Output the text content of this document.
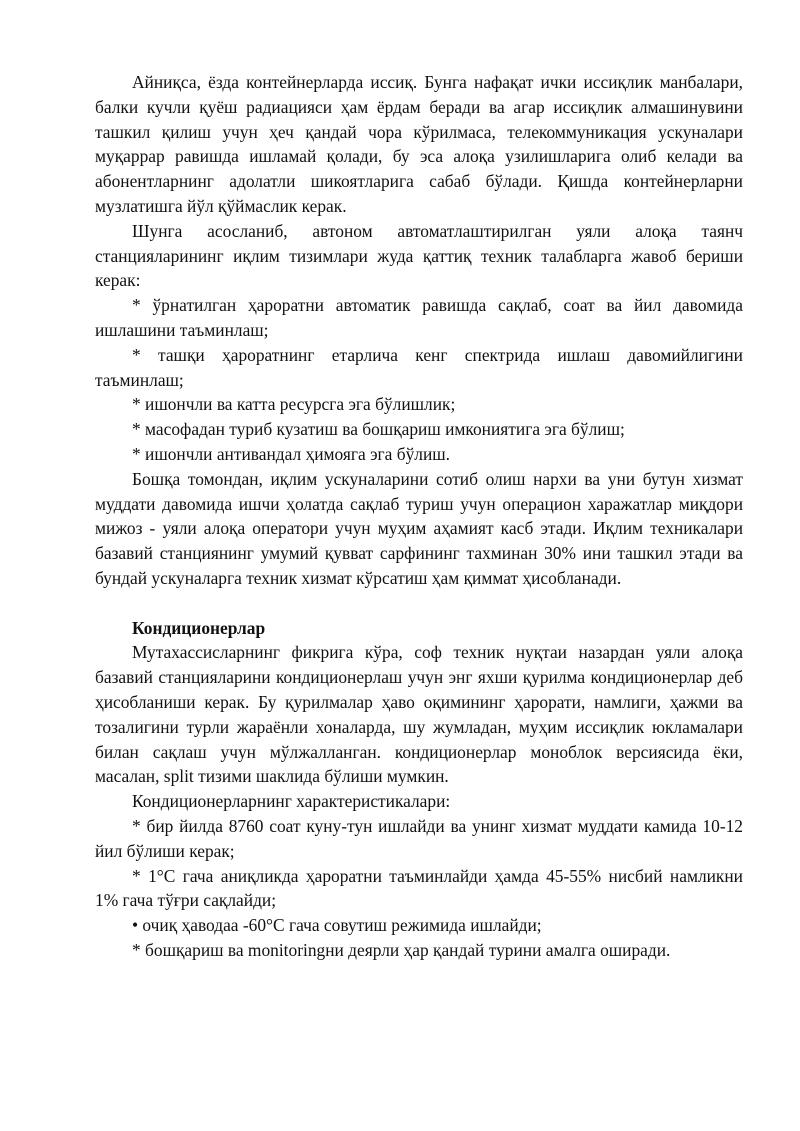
Айниқса, ёзда контейнерларда иссиқ. Бунга нафақат ички иссиқлик манбалари, балки кучли қуёш радиацияси ҳам ёрдам беради ва агар иссиқлик алмашинувини ташкил қилиш учун ҳеч қандай чора кўрилмаса, телекоммуникация ускуналари муқаррар равишда ишламай қолади, бу эса алоқа узилишларига олиб келади ва абонентларнинг адолатли шикоятларига сабаб бўлади. Қишда контейнерларни музлатишга йўл қўймаслик керак.

Шунга асосланиб, автоном автоматлаштирилган уяли алоқа таянч станцияларининг иқлим тизимлари жуда қаттиқ техник талабларга жавоб бериши керак:

* ўрнатилган ҳароратни автоматик равишда сақлаб, соат ва йил давомида ишлашини таъминлаш;

* ташқи ҳароратнинг етарлича кенг спектрида ишлаш давомийлигини таъминлаш;

* ишончли ва катта ресурсга эга бўлишлик;

* масофадан туриб кузатиш ва бошқариш имкониятига эга бўлиш;

* ишончли антивандал ҳимояга эга бўлиш.

Бошқа томондан, иқлим ускуналарини сотиб олиш нархи ва уни бутун хизмат муддати давомида ишчи ҳолатда сақлаб туриш учун операцион харажатлар миқдори мижоз - уяли алоқа оператори учун муҳим аҳамият касб этади. Иқлим техникалари базавий станциянинг умумий қувват сарфининг тахминан 30% ини ташкил этади ва бундай ускуналарга техник хизмат кўрсатиш ҳам қиммат ҳисобланади.

Кондиционерлар

Мутахассисларнинг фикрига кўра, соф техник нуқтаи назардан уяли алоқа базавий станцияларини кондиционерлаш учун энг яхши қурилма кондиционерлар деб ҳисобланиши керак. Бу қурилмалар ҳаво оқимининг ҳарорати, намлиги, ҳажми ва тозалигини турли жараёнли хоналарда, шу жумладан, муҳим иссиқлик юкламалари билан сақлаш учун мўлжалланган. кондиционерлар моноблок версиясида ёки, масалан, split тизими шаклида бўлиши мумкин.

Кондиционерларнинг характеристикалари:

* бир йилда 8760 соат куну-тун ишлайди ва унинг хизмат муддати камида 10-12 йил бўлиши керак;

* 1°C гача аниқликда ҳароратни таъминлайди ҳамда 45-55% нисбий намликни 1% гача тўғри сақлайди;

• очиқ ҳаводаа -60°C гача совутиш режимида ишлайди;

* бошқариш ва monitoringни деярли ҳар қандай турини амалга оширади.
